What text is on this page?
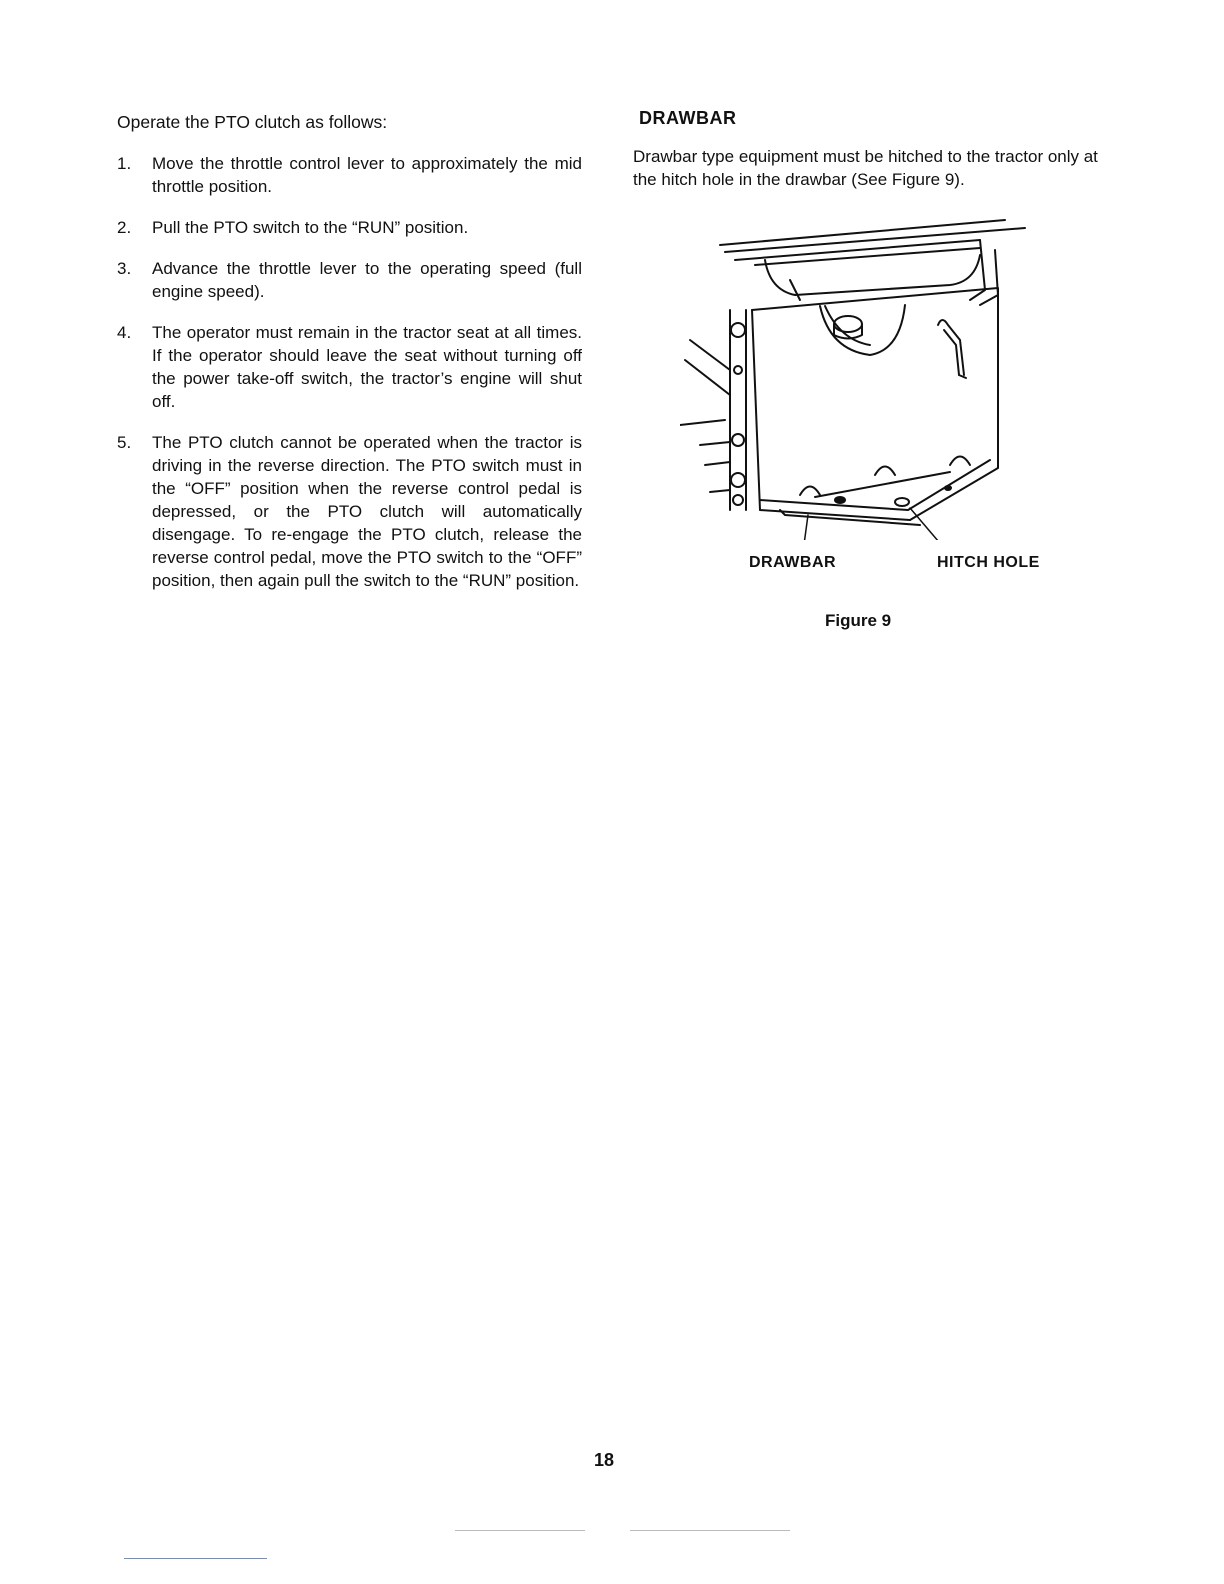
Operate the PTO clutch as follows:

1.	Move the throttle control lever to approximately the mid throttle position.
2.	Pull the PTO switch to the “RUN” position.
3.	Advance the throttle lever to the operating speed (full engine speed).
4.	The operator must remain in the tractor seat at all times. If the operator should leave the seat without turning off the power take-off switch, the tractor’s engine will shut off.
5.	The PTO clutch cannot be operated when the tractor is driving in the reverse direction. The PTO switch must in the “OFF” position when the reverse control pedal is depressed, or the PTO clutch will automatically disengage. To re-engage the PTO clutch, release the reverse control pedal, move the PTO switch to the “OFF” position, then again pull the switch to the “RUN” position.
DRAWBAR

Drawbar type equipment must be hitched to the tractor only at the hitch hole in the drawbar (See Figure 9).

DRAWBAR	HITCH HOLE
Figure 9
18
